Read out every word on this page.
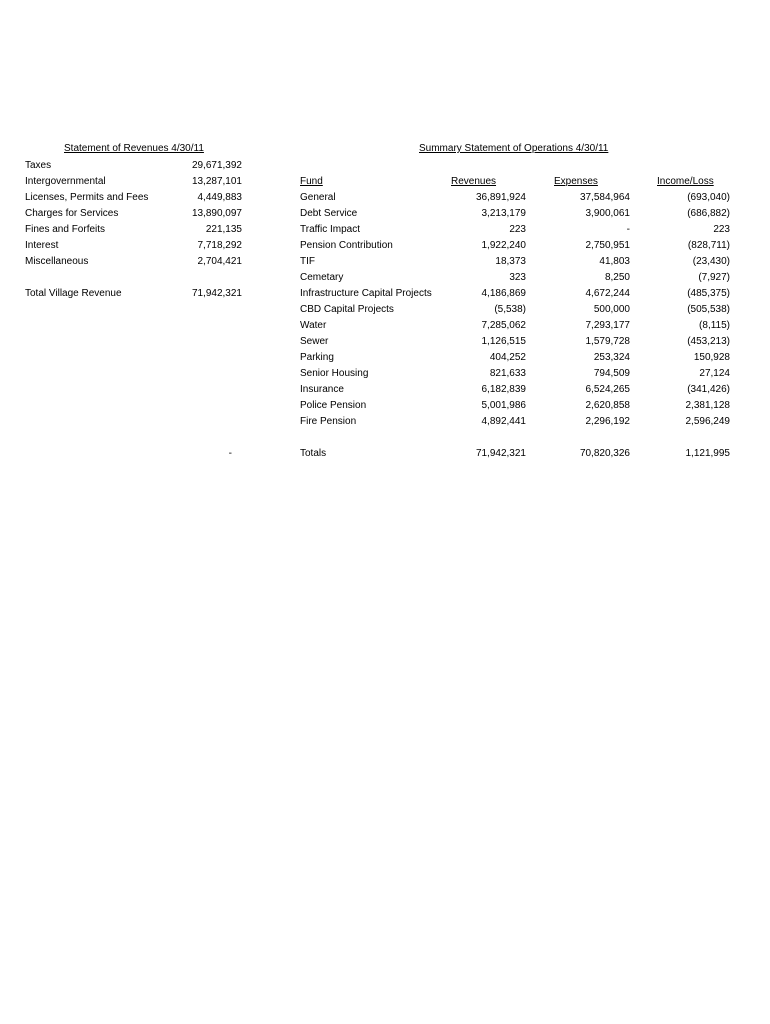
Statement of Revenues 4/30/11
Taxes	29,671,392
Intergovernmental	13,287,101
Licenses, Permits and Fees	4,449,883
Charges for Services	13,890,097
Fines and Forfeits	221,135
Interest	7,718,292
Miscellaneous	2,704,421
Total Village Revenue	71,942,321
-
Summary Statement of Operations 4/30/11
Fund	Revenues	Expenses	Income/Loss
General	36,891,924	37,584,964	(693,040)
Debt Service	3,213,179	3,900,061	(686,882)
Traffic Impact	223	-	223
Pension Contribution	1,922,240	2,750,951	(828,711)
TIF	18,373	41,803	(23,430)
Cemetary	323	8,250	(7,927)
Infrastructure Capital Projects	4,186,869	4,672,244	(485,375)
CBD Capital Projects	(5,538)	500,000	(505,538)
Water	7,285,062	7,293,177	(8,115)
Sewer	1,126,515	1,579,728	(453,213)
Parking	404,252	253,324	150,928
Senior Housing	821,633	794,509	27,124
Insurance	6,182,839	6,524,265	(341,426)
Police Pension	5,001,986	2,620,858	2,381,128
Fire Pension	4,892,441	2,296,192	2,596,249
Totals	71,942,321	70,820,326	1,121,995
